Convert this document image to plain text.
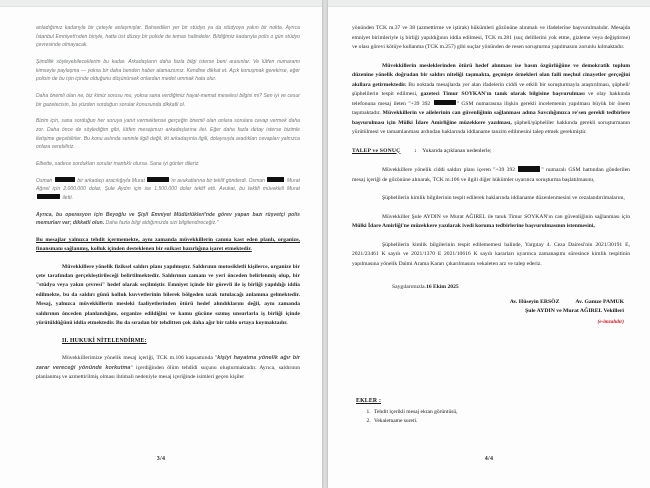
anladığımız kadarıyla bir çeteyle anlaşmışlar. Bahsedilen yer bir stüdyo ya da stüdyoya yakın bir nokta. Ayrıca İstanbul Emniyeti'nden biriyle, hatta üst düzey bir polisle de temas halindeler. Bildiğimiz kadarıyla polis o gün stüdyo çevresinde olmayacak.

Şimdilik söyleyebileceklerim bu kadar. Arkadaşların daha fazla bilgi isterse beni arasınlar. Ve lütfen numaramı kimseyle paylaşma — yoksa bir daha benden haber alamazsınız. Kendine dikkat et. Açık konuşmak gerekirse, eğer polisin de bu işin içinde olduğunu düşünürsek onlardan medet ummak hata olur.

Daha önemli olan ne, biz kimiz sorusu mu, yoksa sana verdiğimiz hayat-memat meselesi bilgisi mi? Sen iyi ve cesur bir gazetecisin, bu yüzden sorduğun sorular konusunda dikkatli ol.

Bizim için, sana sorduğun her soruya yanıt vermektense gerçeğin önemli olan onlara sorulara cevap vermek daha zor. Daha önce de söylediğim gibi, lütfen mesajımızı arkadaşlarına ilet. Eğer daha fazla detay isterse bizimle iletişime geçebilirler. Bu konu aslında seninle ilgili değil, iki arkadaşınla ilgili, dolayısıyla aradıkları cevapları yalnızca onlara verebiliriz.

Elbette, sadece sordukları sorular mantıklı olursa. Sana iyi günler dileriz.

Osman	bir arkadaşı aracılığıyla Murat	'ın avukatlarına bir teklif gönderdi. Osman	Murat Ağırel için 2.000.000 dolar, Şule Aydın için ise 1.500.000 dolar teklif etti. Avukat, bu teklifi müvekkili Murat  iletti.

Ayrıca, bu operasyon için Beyoğlu ve Şişli Emniyet Müdürlükleri'nde görev yapan bazı rüşvetçi polis memurları var; dikkatli olun. Daha fazla bilgi aldığımızda sizi bilgilendireceğiz."

Bu mesajlar yalnızca tehdit içermemekte, aynı zamanda müvekkillerin canına kast eden planlı, organize, finansmanı sağlanmış, kolluk içinden desteklenen bir suikast hazırlığına işaret etmektedir.

Müvekkillere yönelik fiziksel saldırı planı yapılmıştır. Saldırının motosikletli kişilerce, organize bir çete tarafından gerçekleştirileceği belirtilmektedir. Saldırının zamanı ve yeri önceden belirlenmiş olup, bir "stüdyo veya yakın çevresi" hedef olarak seçilmiştir. Emniyet içinde bir görevli ile iş birliği yapıldığı iddia edilmekte, bu da saldırı günü kolluk kuvvetlerinin bilerek bölgeden uzak tutulacağı anlamına gelmektedir. Mesaj, yalnızca müvekkillerin mesleki faaliyetlerinden ötürü hedef alındıklarını değil, aynı zamanda saldırının önceden planlandığını, organize edildiğini ve kamu gücüne sızmış unsurlarla iş birliği içinde yürütüldüğünü iddia etmektedir. Bu da sıradan bir tehditten çok daha ağır bir tablo ortaya koymaktadır.

II. HUKUKİ NİTELENDİRME:

Müvekkillerimize yönelik mesaj içeriği, TCK m.106 kapsamında "kişiyi hayatına yönelik ağır bir zarar vereceği yönünde korkutma" içerdiğinden ölüm tehdidi suçunu oluşturmaktadır. Ayrıca, saldırının planlanmış ve azmettirilmiş olması ihtimali nedeniyle mesaj içeriğinde isimleri geçen kişiler

3/4

yönünden TCK m.37 ve 38 (azmettirme ve iştirak) hükümleri gözönüne alınmalı ve ifadelerine başvurulmalıdır. Mesajda emniyet birimleriyle iş birliği yapıldığının iddia edilmesi, TCK m.281 (suç delillerini yok etme, gizleme veya değiştirme) ve olası görevi kötüye kullanma (TCK m.257) gibi suçlar yönünden de resen soruşturma yapılmasını zorunlu kılmaktadır.

Müvekkillerin mesleklerinden ötürü hedef alınması ise basın özgürlüğüne ve demokratik toplum düzenine yönelik doğrudan bir saldırı niteliği taşımakta, geçmişte örnekleri olan faili meçhul cinayetler gerçeğini akıllara getirmektedir. Bu noktada mesajlarda yer alan ifadelerin ciddi ve etkili bir soruşturmayla araştırılması, şüpheli/şüphelilerin tespit edilmesi, gazeteci Timur SOYKAN'ın tanık olarak bilgisine başvurulması ve olay hakkında telefonuna mesaj ileten "+39 392	" GSM numarasına ilişkin gerekli incelemenin yapılması büyük bir önem taşımaktadır. Müvekkillerin ve ailelerinin can güvenliğinin sağlanması adına Savcılığınızca re'sen gerekli tedbirlere başvurulması için Mülki İdare Amirliğine müzekkere yazılması, şüpheli/şüpheliler hakkında gerekli soruşturmanın yürütülmesi ve tamamlanması ardından haklarında iddianame tanzim edilmesini talep etmek gerekmiştir.

TALEP ve SONUÇ	: Yukarıda açıklanan nedenlerle;

Müvekkillere yönelik ciddi saldırı planı içeren "+39 392	" numaralı GSM hattından gönderilen mesaj içeriği de gözönüne alınarak, TCK m.106 ve ilgili diğer hükümler uyarınca soruşturma başlatılmasını,

Şüphelilerin kimlik bilgilerinin tespit edilerek haklarında iddianame düzenlenmesini ve cezalandırılmalarını,

Müvekkiller Şule AYDIN ve Murat AĞIREL ile tanık Timur SOYKAN'ın can güvenliğinin sağlanması için Mülki İdare Amirliği'ne müzekkere yazılarak ivedi koruma tedbirlerine başvurulmasının istenmesini,

Şüphelilerin kimlik bilgilerinin tespit edilememesi halinde, Yargıtay 4. Ceza Dairesi'nin 2021/30191 E, 2021/23461 K sayılı ve 2021/1370 E 2021/10616 K sayılı kararları uyarınca zamanaşımı süresince kimlik tespitinin yapılmasına yönelik Daimi Arama Kararı çıkarılmasını vekaleten arz ve talep ederiz.

Saygılarımızla.16 Ekim 2025
Av. Hüseyin ERSÖZ	Av. Gamze PAMUK
Şule AYDIN ve Murat AĞIREL Vekilleri
(e-imzalıdır)
EKLER :
1. Tehdit içerikli mesaj ekran görüntüsü,
2. Vekaletname sureti.
4/4
